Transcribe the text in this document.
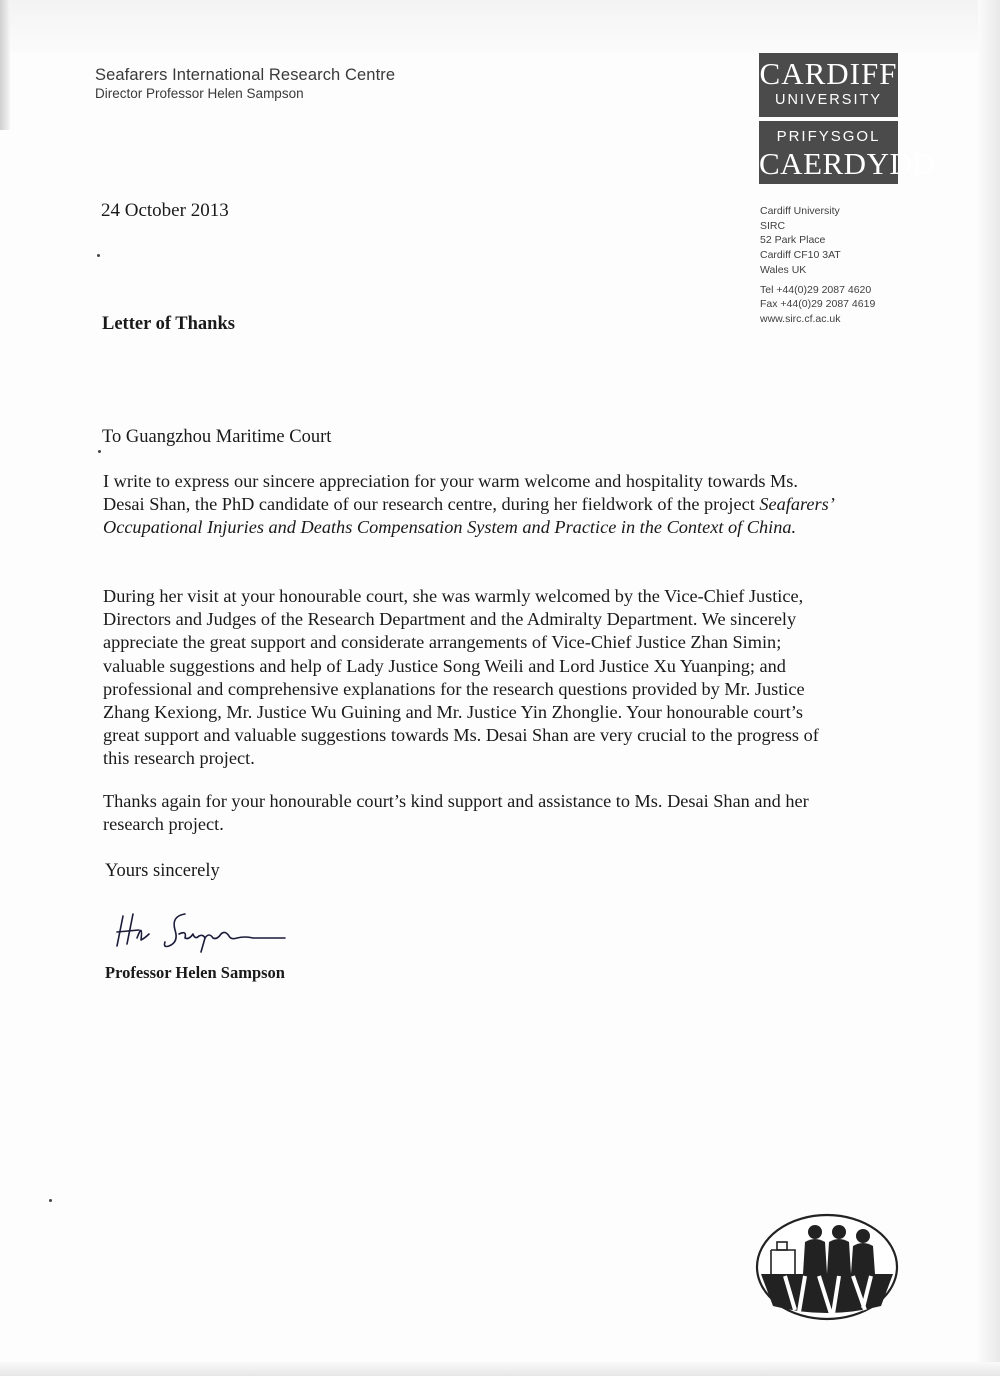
Seafarers International Research Centre
Director Professor Helen Sampson
CARDIFF
UNIVERSITY
PRIFYSGOL
CAERDYDD
Cardiff University
SIRC
52 Park Place
Cardiff CF10 3AT
Wales UK
Tel +44(0)29 2087 4620
Fax +44(0)29 2087 4619
www.sirc.cf.ac.uk
24 October 2013
Letter of Thanks
To Guangzhou Maritime Court
I write to express our sincere appreciation for your warm welcome and hospitality towards Ms. Desai Shan, the PhD candidate of our research centre, during her fieldwork of the project Seafarers’ Occupational Injuries and Deaths Compensation System and Practice in the Context of China.
During her visit at your honourable court, she was warmly welcomed by the Vice-Chief Justice, Directors and Judges of the Research Department and the Admiralty Department. We sincerely appreciate the great support and considerate arrangements of Vice-Chief Justice Zhan Simin; valuable suggestions and help of Lady Justice Song Weili and Lord Justice Xu Yuanping; and professional and comprehensive explanations for the research questions provided by Mr. Justice Zhang Kexiong, Mr. Justice Wu Guining and Mr. Justice Yin Zhonglie. Your honourable court’s great support and valuable suggestions towards Ms. Desai Shan are very crucial to the progress of this research project.
Thanks again for your honourable court’s kind support and assistance to Ms. Desai Shan and her research project.
Yours sincerely
Professor Helen Sampson
